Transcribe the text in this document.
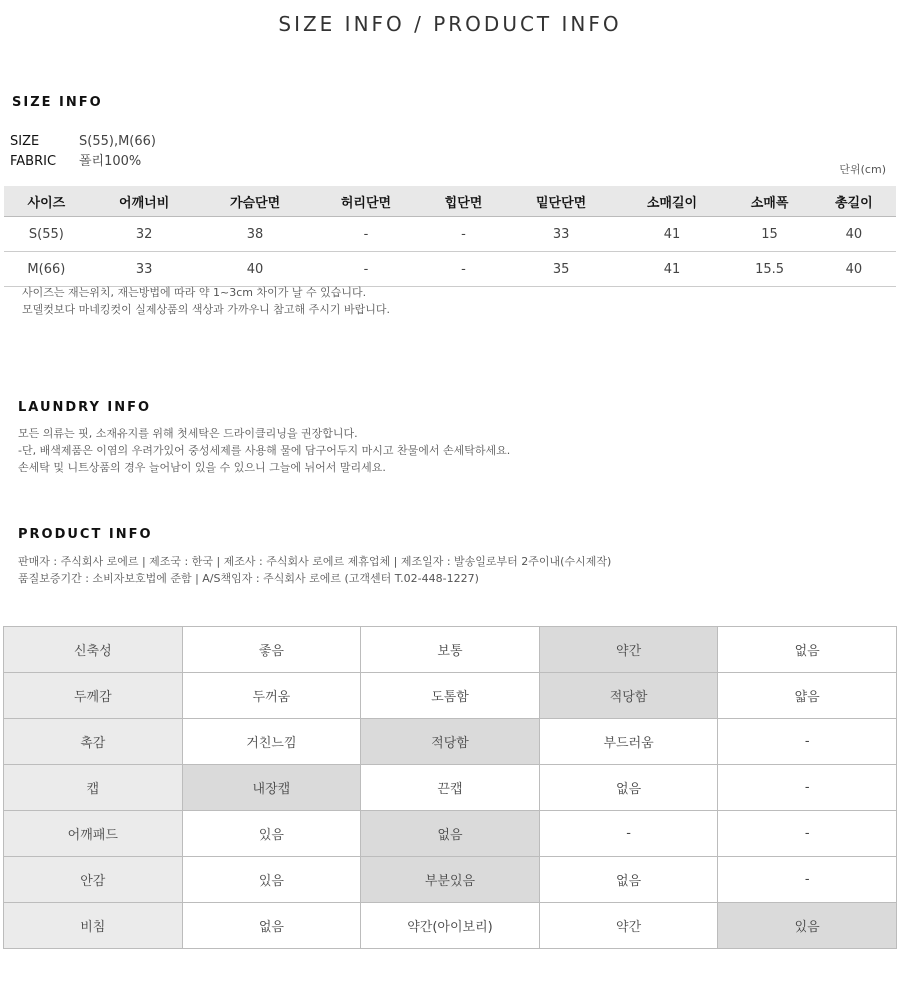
SIZE INFO / PRODUCT INFO
SIZE INFO
SIZE	S(55),M(66)
FABRIC 폴리100%
단위(cm)
사이즈	어깨너비	가슴단면	허리단면	힙단면	밑단단면	소매길이	소매폭	총길이
S(55)	32	38	-	-	33	41	15	40
M(66)	33	40	-	-	35	41	15.5	40
사이즈는 재는위치, 재는방법에 따라 약 1~3cm 차이가 날 수 있습니다.
모델컷보다 마네킹컷이 실제상품의 색상과 가까우니 참고해 주시기 바랍니다.
LAUNDRY INFO
모든 의류는 핏, 소재유지를 위해 첫세탁은 드라이클리닝을 권장합니다.
-단, 배색제품은 이염의 우려가있어 중성세제를 사용해 물에 담구어두지 마시고 찬물에서 손세탁하세요.
손세탁 및 니트상품의 경우 늘어남이 있을 수 있으니 그늘에 뉘어서 말리세요.
PRODUCT INFO
판매자 : 주식회사 로에르 | 제조국 : 한국 | 제조사 : 주식회사 로에르 제휴업체 | 제조일자 : 발송일로부터 2주이내(수시제작)
품질보증기간 : 소비자보호법에 준함 | A/S책임자 : 주식회사 로에르 (고객센터 T.02-448-1227)
신축성	좋음	보통	약간	없음
두께감	두꺼움	도톰함	적당함	얇음
촉감	거친느낌	적당함	부드러움	-
캡	내장캡	끈캡	없음	-
어깨패드	있음	없음	-	-
안감	있음	부분있음	없음	-
비침	없음	약간(아이보리)	약간	있음
